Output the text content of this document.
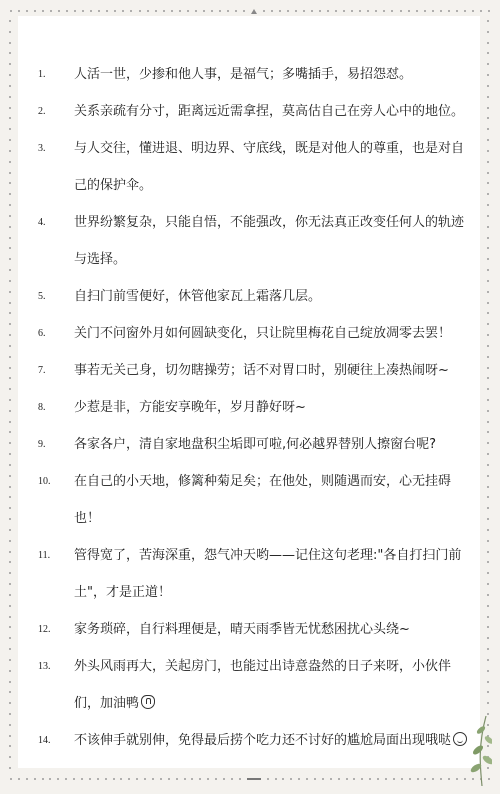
1.	人活一世，少掺和他人事，是福气；多嘴插手，易招怨怼。
2.	关系亲疏有分寸，距离远近需拿捏，莫高估自己在旁人心中的地位。
3.	与人交往，懂进退、明边界、守底线，既是对他人的尊重，也是对自己的保护伞。
4.	世界纷繁复杂，只能自悟，不能强改，你无法真正改变任何人的轨迹与选择。
5.	自扫门前雪便好，休管他家瓦上霜落几层。
6.	关门不问窗外月如何圆缺变化，只让院里梅花自己绽放凋零去罢！
7.	事若无关己身，切勿瞎操劳；话不对胃口时，别硬往上凑热闹呀~
8.	少惹是非，方能安享晚年，岁月静好呀~
9.	各家各户，清自家地盘积尘垢即可啦,何必越界替别人擦窗台呢?
10.	在自己的小天地，修篱种菊足矣；在他处，则随遇而安，心无挂碍也！
11.	管得宽了，苦海深重，怨气冲天哟——记住这句老理:"各自打扫门前土"，才是正道！
12.	家务琐碎，自行料理便是，晴天雨季皆无忧愁困扰心头绕~
13.	外头风雨再大，关起房门，也能过出诗意盎然的日子来呀，小伙伴们，加油鸭
14.	不该伸手就别伸，免得最后捞个吃力还不讨好的尴尬局面出现哦哒
